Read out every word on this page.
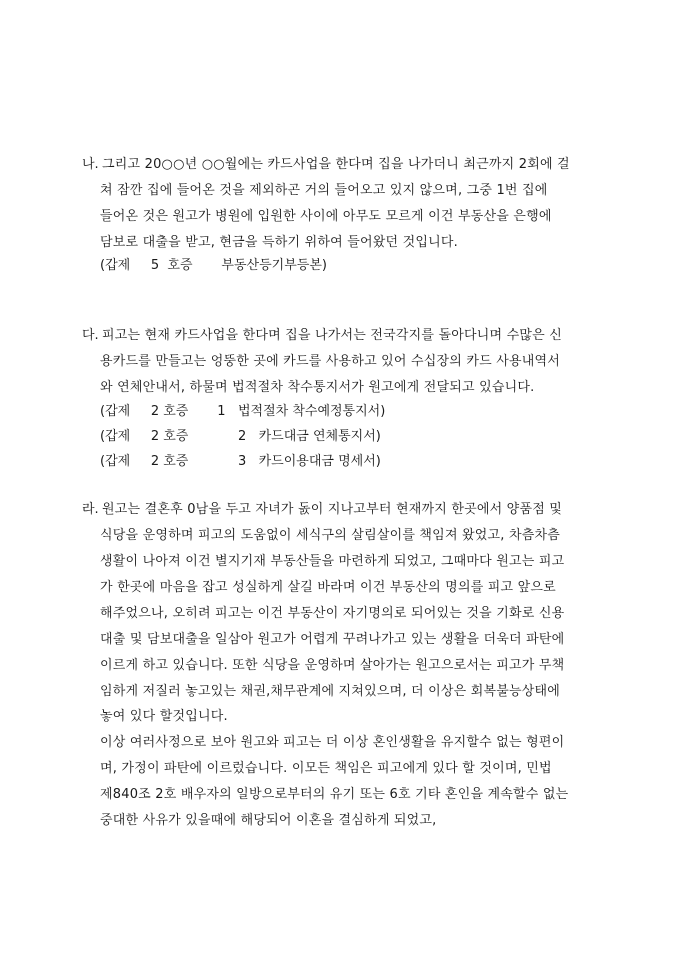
나. 그리고 20○○년 ○○월에는 카드사업을 한다며 집을 나가더니 최근까지 2회에 걸
쳐 잠깐 집에 들어온 것을 제외하곤 거의 들어오고 있지 않으며, 그중 1번 집에
들어온 것은 원고가 병원에 입원한 사이에 아무도 모르게 이건 부동산을 은행에
담보로 대출을 받고, 현금을 득하기 위하여 들어왔던 것입니다.
(갑제     5  호증       부동산등기부등본)
다. 피고는 현재 카드사업을 한다며 집을 나가서는 전국각지를 돌아다니며 수많은 신
용카드를 만들고는 엉뚱한 곳에 카드를 사용하고 있어 수십장의 카드 사용내역서
와 연체안내서, 하물며 법적절차 착수통지서가 원고에게 전달되고 있습니다.
(갑제     2 호증       1   법적절차 착수예정통지서)
(갑제     2 호증            2   카드대금 연체통지서)
(갑제     2 호증            3   카드이용대금 명세서)
라. 원고는 결혼후 0남을 두고 자녀가 돐이 지나고부터 현재까지 한곳에서 양품점 및
식당을 운영하며 피고의 도움없이 세식구의 살림살이를 책임져 왔었고, 차츰차츰
생활이 나아져 이건 별지기재 부동산들을 마련하게 되었고, 그때마다 원고는 피고
가 한곳에 마음을 잡고 성실하게 살길 바라며 이건 부동산의 명의를 피고 앞으로
해주었으나, 오히려 피고는 이건 부동산이 자기명의로 되어있는 것을 기화로 신용
대출 및 담보대출을 일삼아 원고가 어렵게 꾸려나가고 있는 생활을 더욱더 파탄에
이르게 하고 있습니다. 또한 식당을 운영하며 살아가는 원고으로서는 피고가 무책
임하게 저질러 놓고있는 채권,채무관계에 지쳐있으며, 더 이상은 회복불능상태에
놓여 있다 할것입니다.
이상 여러사정으로 보아 원고와 피고는 더 이상 혼인생활을 유지할수 없는 형편이
며, 가정이 파탄에 이르렀습니다. 이모든 책임은 피고에게 있다 할 것이며, 민법
제840조 2호 배우자의 일방으로부터의 유기 또는 6호 기타 혼인을 계속할수 없는
중대한 사유가 있을때에 해당되어 이혼을 결심하게 되었고,
